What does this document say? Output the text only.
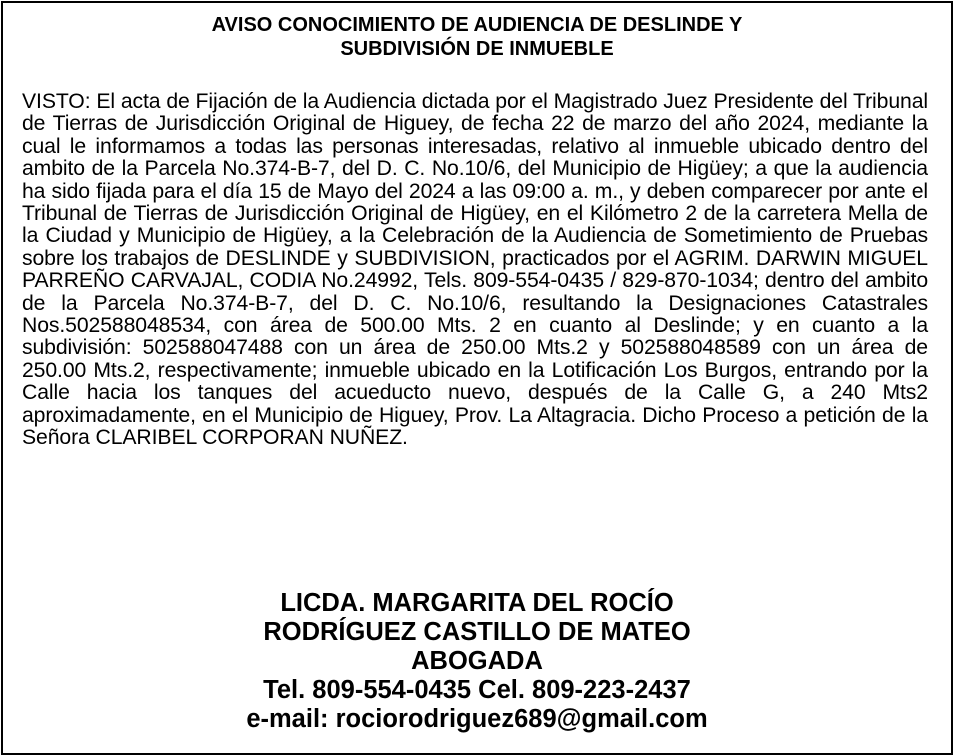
AVISO CONOCIMIENTO DE AUDIENCIA DE DESLINDE Y
SUBDIVISIÓN DE INMUEBLE
VISTO: El acta de Fijación de la Audiencia dictada por el Magistrado Juez Presidente del Tribunal de Tierras de Jurisdicción Original de Higuey, de fecha 22 de marzo del año 2024, mediante la cual le informamos a todas las personas interesadas, relativo al inmueble ubicado dentro del ambito de la Parcela No.374-B-7, del D. C. No.10/6, del Municipio de Higüey; a que la audiencia ha sido fijada para el día 15 de Mayo del 2024 a las 09:00 a. m., y deben comparecer por ante el Tribunal de Tierras de Jurisdicción Original de Higüey, en el Kilómetro 2 de la carretera Mella de la Ciudad y Municipio de Higüey, a la Celebración de la Audiencia de Sometimiento de Pruebas sobre los trabajos de DESLINDE y SUBDIVISION, practicados por el AGRIM. DARWIN MIGUEL PARREÑO CARVAJAL, CODIA No.24992, Tels. 809-554-0435 / 829-870-1034; dentro del ambito de la Parcela No.374-B-7, del D. C. No.10/6, resultando la Designaciones Catastrales Nos.502588048534, con área de 500.00 Mts. 2 en cuanto al Deslinde; y en cuanto a la subdivisión: 502588047488 con un área de 250.00 Mts.2 y 502588048589 con un área de 250.00 Mts.2, respectivamente; inmueble ubicado en la Lotificación Los Burgos, entrando por la Calle hacia los tanques del acueducto nuevo, después de la Calle G, a 240 Mts2 aproximadamente, en el Municipio de Higuey, Prov. La Altagracia. Dicho Proceso a petición de la Señora CLARIBEL CORPORAN NUÑEZ.
LICDA. MARGARITA DEL ROCÍO
RODRÍGUEZ CASTILLO DE MATEO
ABOGADA
Tel. 809-554-0435 Cel. 809-223-2437
e-mail: rociorodriguez689@gmail.com
